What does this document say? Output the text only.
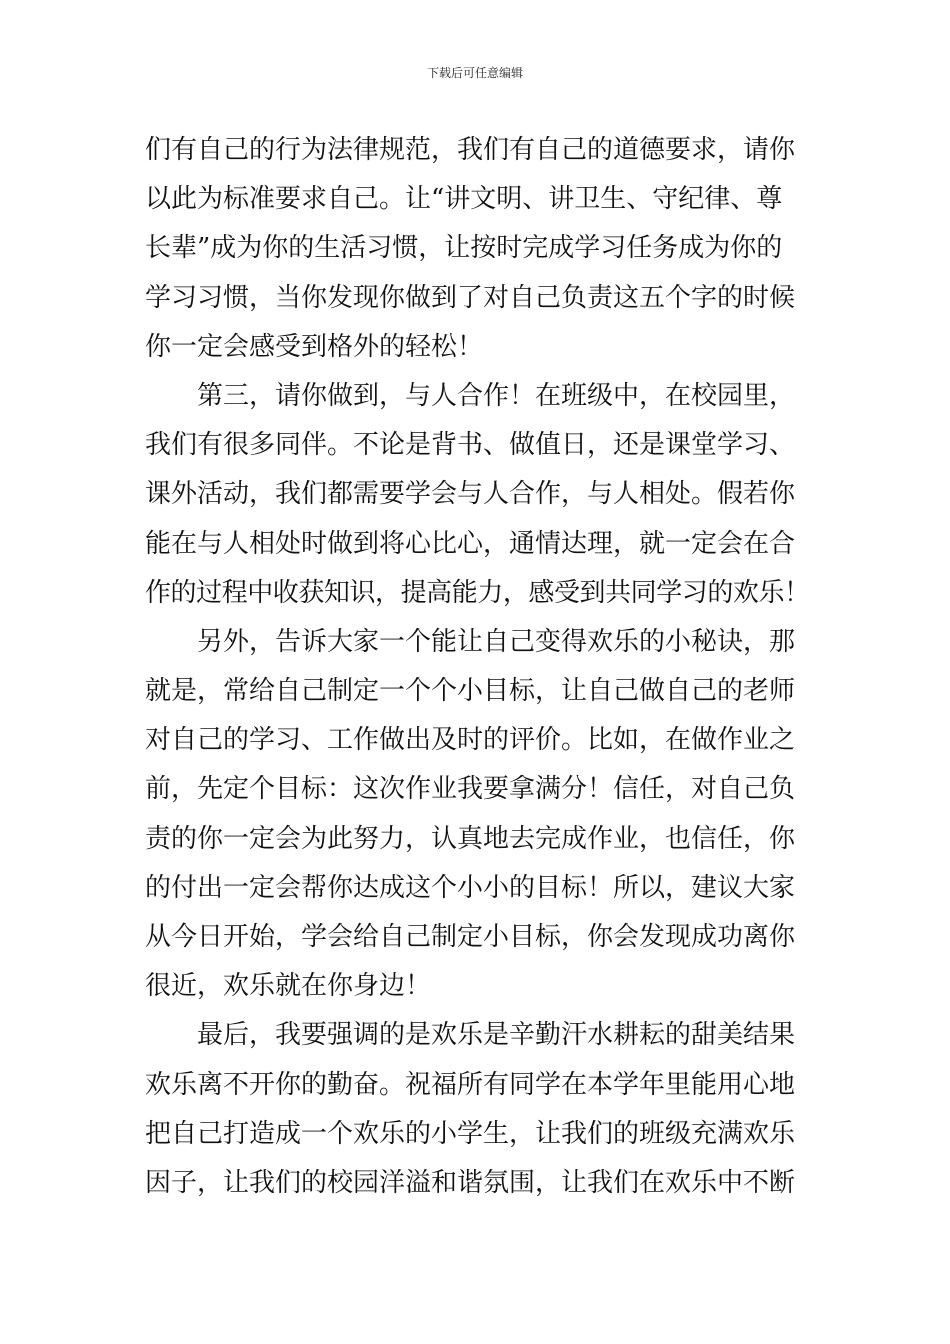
下载后可任意编辑
们有自己的行为法律规范，我们有自己的道德要求，请你
以此为标准要求自己。让“讲文明、讲卫生、守纪律、尊
长辈”成为你的生活习惯，让按时完成学习任务成为你的
学习习惯，当你发现你做到了对自己负责这五个字的时候
你一定会感受到格外的轻松！
第三，请你做到，与人合作！在班级中，在校园里，
我们有很多同伴。不论是背书、做值日，还是课堂学习、
课外活动，我们都需要学会与人合作，与人相处。假若你
能在与人相处时做到将心比心，通情达理，就一定会在合
作的过程中收获知识，提高能力，感受到共同学习的欢乐！
另外，告诉大家一个能让自己变得欢乐的小秘诀，那
就是，常给自己制定一个个小目标，让自己做自己的老师
对自己的学习、工作做出及时的评价。比如，在做作业之
前，先定个目标：这次作业我要拿满分！信任，对自己负
责的你一定会为此努力，认真地去完成作业，也信任，你
的付出一定会帮你达成这个小小的目标！所以，建议大家
从今日开始，学会给自己制定小目标，你会发现成功离你
很近，欢乐就在你身边！
最后，我要强调的是欢乐是辛勤汗水耕耘的甜美结果
欢乐离不开你的勤奋。祝福所有同学在本学年里能用心地
把自己打造成一个欢乐的小学生，让我们的班级充满欢乐
因子，让我们的校园洋溢和谐氛围，让我们在欢乐中不断
